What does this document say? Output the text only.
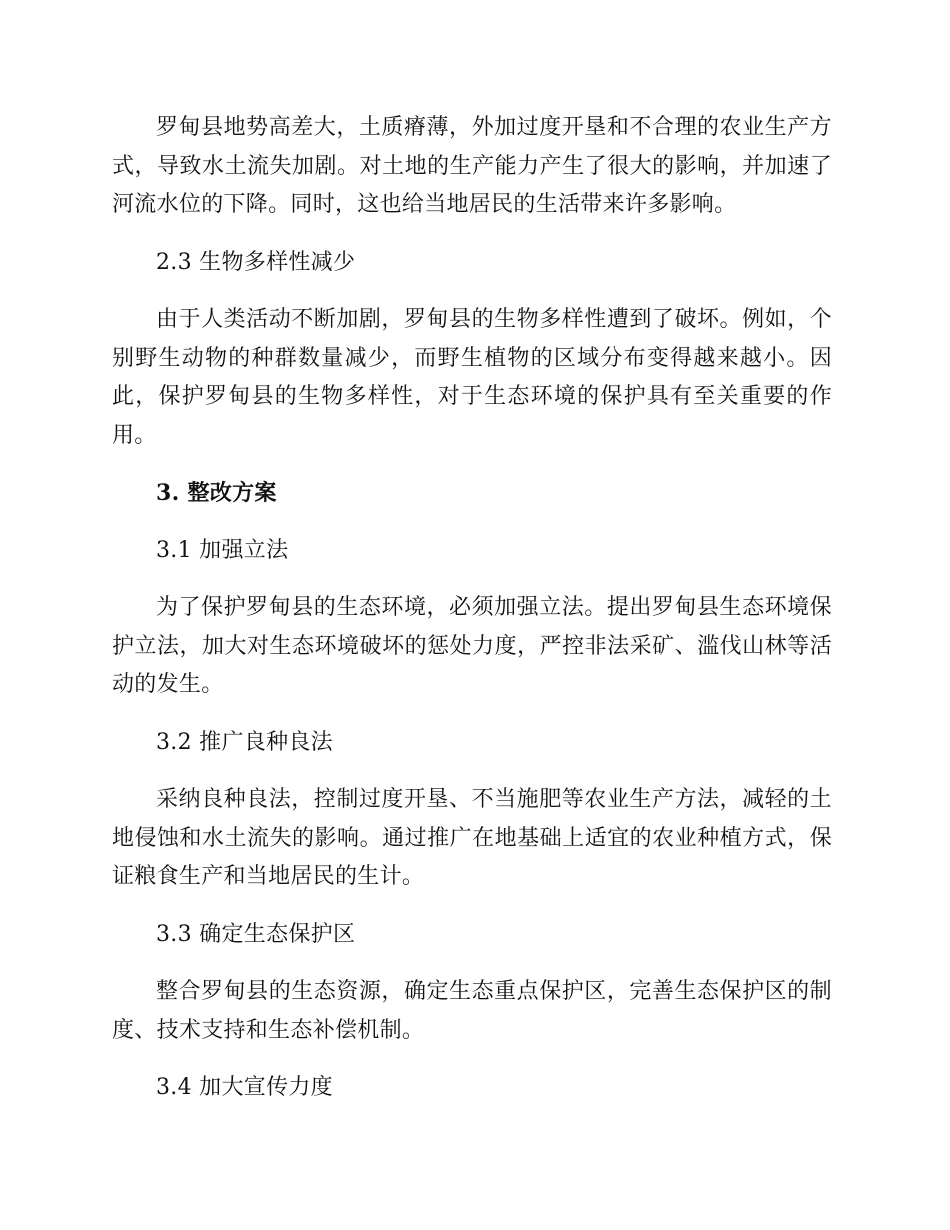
罗甸县地势高差大，土质瘠薄，外加过度开垦和不合理的农业生产方式，导致水土流失加剧。对土地的生产能力产生了很大的影响，并加速了河流水位的下降。同时，这也给当地居民的生活带来许多影响。

2.3 生物多样性减少

由于人类活动不断加剧，罗甸县的生物多样性遭到了破坏。例如，个别野生动物的种群数量减少，而野生植物的区域分布变得越来越小。因此，保护罗甸县的生物多样性，对于生态环境的保护具有至关重要的作用。

3. 整改方案

3.1 加强立法

为了保护罗甸县的生态环境，必须加强立法。提出罗甸县生态环境保护立法，加大对生态环境破坏的惩处力度，严控非法采矿、滥伐山林等活动的发生。

3.2 推广良种良法

采纳良种良法，控制过度开垦、不当施肥等农业生产方法，减轻的土地侵蚀和水土流失的影响。通过推广在地基础上适宜的农业种植方式，保证粮食生产和当地居民的生计。

3.3 确定生态保护区

整合罗甸县的生态资源，确定生态重点保护区，完善生态保护区的制度、技术支持和生态补偿机制。

3.4 加大宣传力度
